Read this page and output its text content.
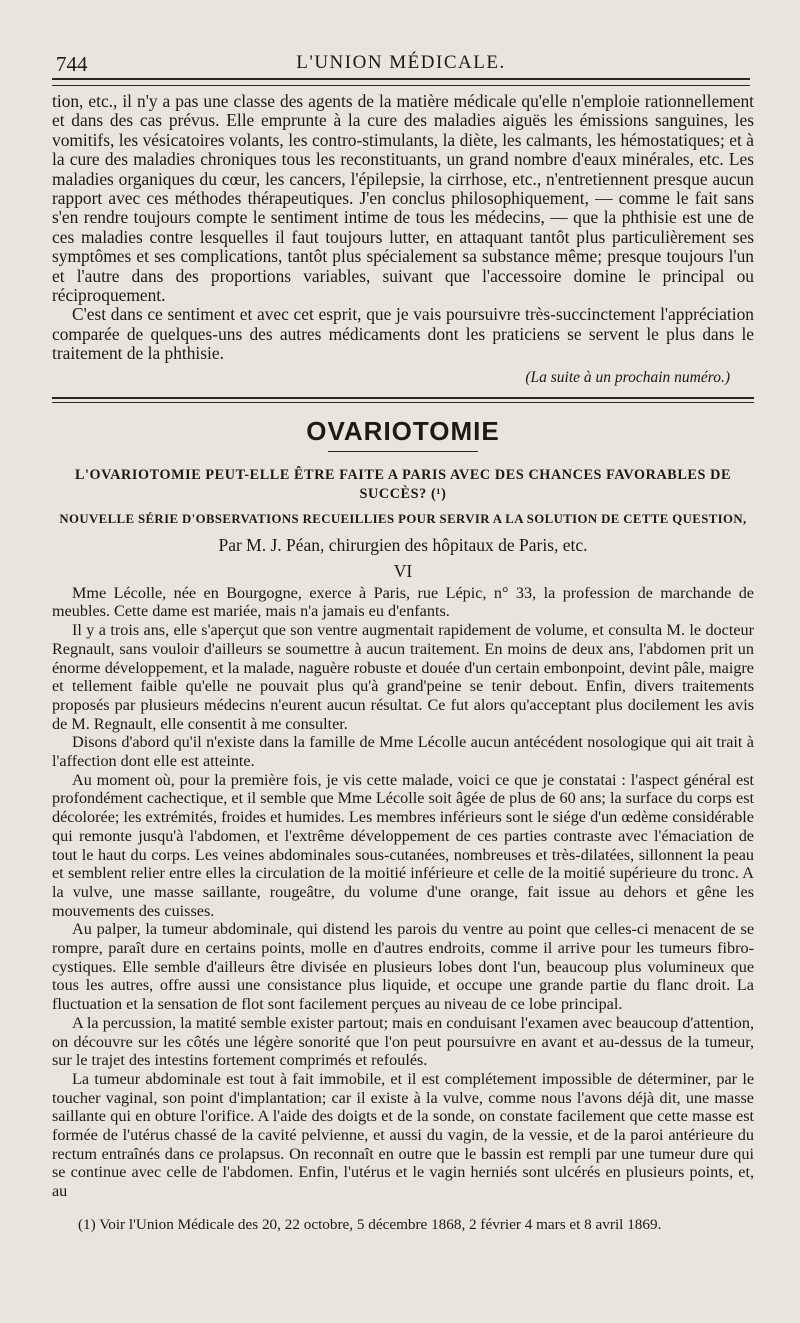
744	L'UNION MÉDICALE.

tion, etc., il n'y a pas une classe des agents de la matière médicale qu'elle n'emploie rationnellement et dans des cas prévus. Elle emprunte à la cure des maladies aiguës les émissions sanguines, les vomitifs, les vésicatoires volants, les contro-stimulants, la diète, les calmants, les hémostatiques; et à la cure des maladies chroniques tous les reconstituants, un grand nombre d'eaux minérales, etc. Les maladies organiques du cœur, les cancers, l'épilepsie, la cirrhose, etc., n'entretiennent presque aucun rapport avec ces méthodes thérapeutiques. J'en conclus philosophiquement, — comme le fait sans s'en rendre toujours compte le sentiment intime de tous les médecins, — que la phthisie est une de ces maladies contre lesquelles il faut toujours lutter, en attaquant tantôt plus particulièrement ses symptômes et ses complications, tantôt plus spécialement sa substance même; presque toujours l'un et l'autre dans des proportions variables, suivant que l'accessoire domine le principal ou réciproquement.

C'est dans ce sentiment et avec cet esprit, que je vais poursuivre très-succinctement l'appréciation comparée de quelques-uns des autres médicaments dont les praticiens se servent le plus dans le traitement de la phthisie.

(La suite à un prochain numéro.)
OVARIOTOMIE
L'OVARIOTOMIE PEUT-ELLE ÊTRE FAITE A PARIS AVEC DES CHANCES FAVORABLES DE SUCCÈS? (¹)
NOUVELLE SÉRIE D'OBSERVATIONS RECUEILLIES POUR SERVIR A LA SOLUTION DE CETTE QUESTION,
Par M. J. Péan, chirurgien des hôpitaux de Paris, etc.
VI

Mme Lécolle, née en Bourgogne, exerce à Paris, rue Lépic, n° 33, la profession de marchande de meubles. Cette dame est mariée, mais n'a jamais eu d'enfants.

Il y a trois ans, elle s'aperçut que son ventre augmentait rapidement de volume, et consulta M. le docteur Regnault, sans vouloir d'ailleurs se soumettre à aucun traitement. En moins de deux ans, l'abdomen prit un énorme développement, et la malade, naguère robuste et douée d'un certain embonpoint, devint pâle, maigre et tellement faible qu'elle ne pouvait plus qu'à grand'peine se tenir debout. Enfin, divers traitements proposés par plusieurs médecins n'eurent aucun résultat. Ce fut alors qu'acceptant plus docilement les avis de M. Regnault, elle consentit à me consulter.

Disons d'abord qu'il n'existe dans la famille de Mme Lécolle aucun antécédent nosologique qui ait trait à l'affection dont elle est atteinte.

Au moment où, pour la première fois, je vis cette malade, voici ce que je constatai : l'aspect général est profondément cachectique, et il semble que Mme Lécolle soit âgée de plus de 60 ans; la surface du corps est décolorée; les extrémités, froides et humides. Les membres inférieurs sont le siége d'un œdème considérable qui remonte jusqu'à l'abdomen, et l'extrême développement de ces parties contraste avec l'émaciation de tout le haut du corps. Les veines abdominales sous-cutanées, nombreuses et très-dilatées, sillonnent la peau et semblent relier entre elles la circulation de la moitié inférieure et celle de la moitié supérieure du tronc. A la vulve, une masse saillante, rougeâtre, du volume d'une orange, fait issue au dehors et gêne les mouvements des cuisses.

Au palper, la tumeur abdominale, qui distend les parois du ventre au point que celles-ci menacent de se rompre, paraît dure en certains points, molle en d'autres endroits, comme il arrive pour les tumeurs fibro-cystiques. Elle semble d'ailleurs être divisée en plusieurs lobes dont l'un, beaucoup plus volumineux que tous les autres, offre aussi une consistance plus liquide, et occupe une grande partie du flanc droit. La fluctuation et la sensation de flot sont facilement perçues au niveau de ce lobe principal.

A la percussion, la matité semble exister partout; mais en conduisant l'examen avec beaucoup d'attention, on découvre sur les côtés une légère sonorité que l'on peut poursuivre en avant et au-dessus de la tumeur, sur le trajet des intestins fortement comprimés et refoulés.

La tumeur abdominale est tout à fait immobile, et il est complétement impossible de déterminer, par le toucher vaginal, son point d'implantation; car il existe à la vulve, comme nous l'avons déjà dit, une masse saillante qui en obture l'orifice. A l'aide des doigts et de la sonde, on constate facilement que cette masse est formée de l'utérus chassé de la cavité pelvienne, et aussi du vagin, de la vessie, et de la paroi antérieure du rectum entraînés dans ce prolapsus. On reconnaît en outre que le bassin est rempli par une tumeur dure qui se continue avec celle de l'abdomen. Enfin, l'utérus et le vagin herniés sont ulcérés en plusieurs points, et, au

(1) Voir l'Union Médicale des 20, 22 octobre, 5 décembre 1868, 2 février 4 mars et 8 avril 1869.
